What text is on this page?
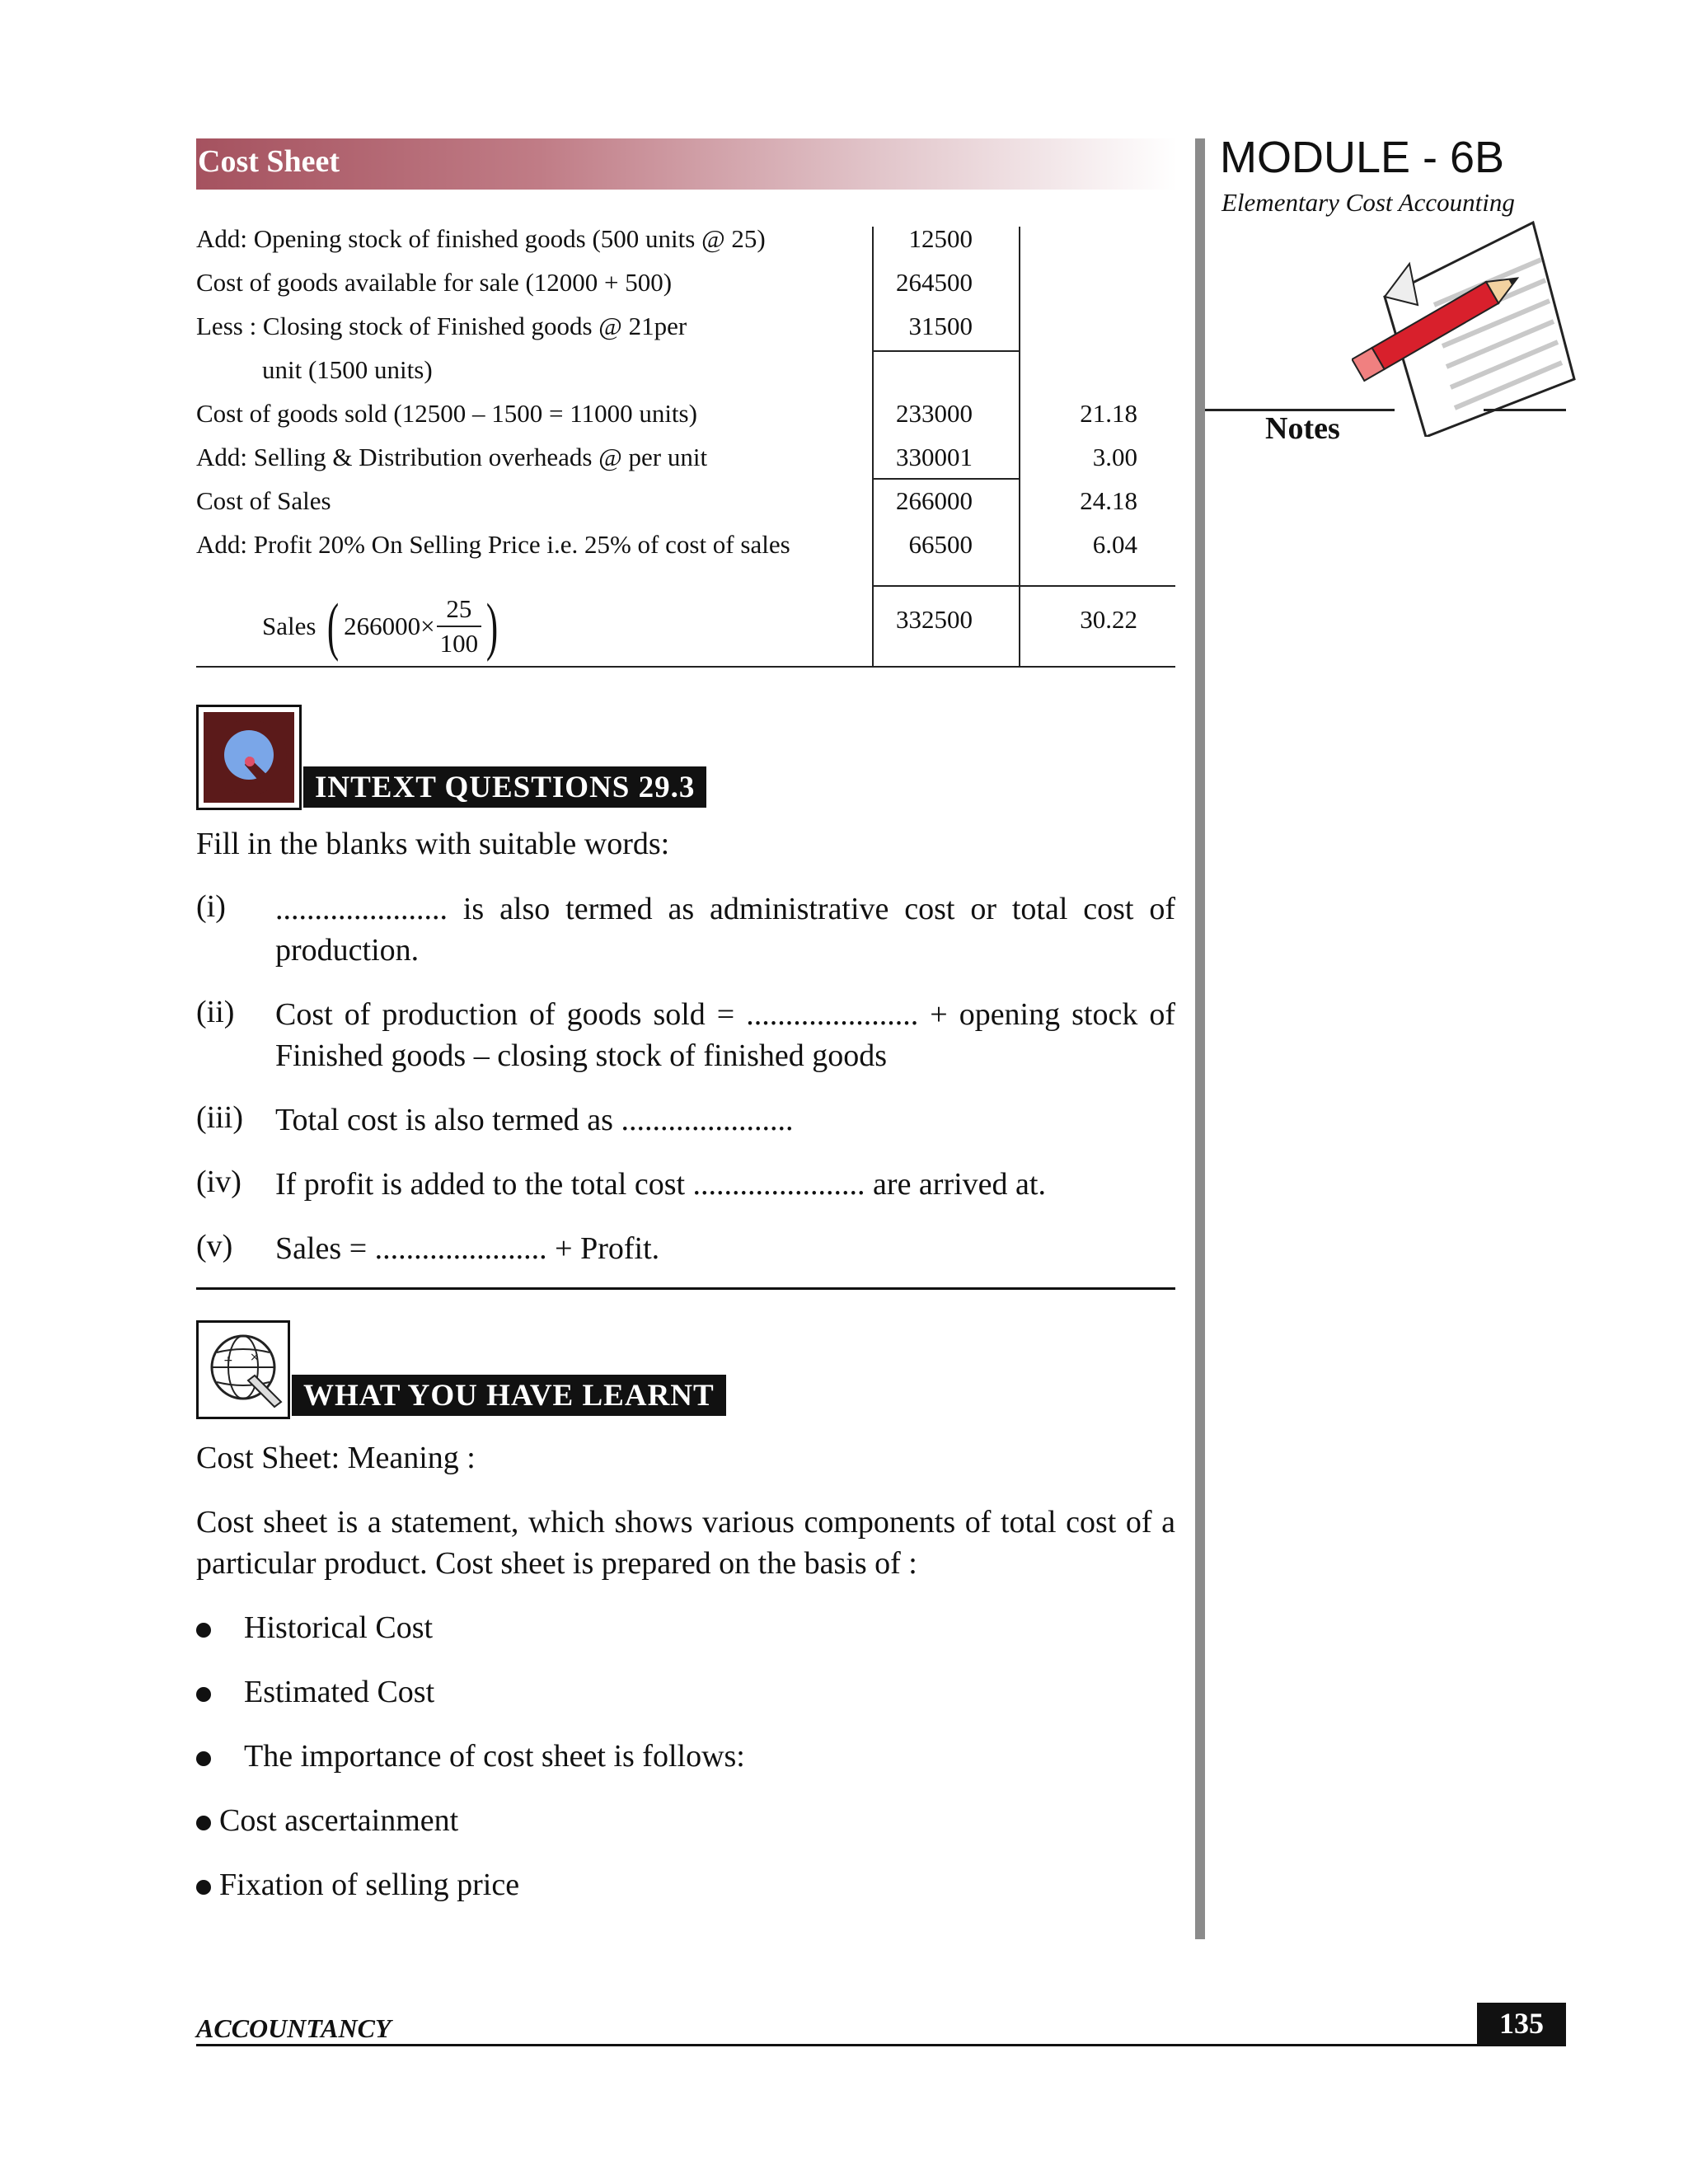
Cost Sheet	MODULE - 6B
Elementary Cost Accounting
Notes
Add: Opening stock of finished goods (500 units @ 25)	12500
Cost of goods available for sale (12000 + 500)	264500
Less : Closing stock of Finished goods @ 21per	31500
unit (1500 units)
Cost of goods sold (12500 – 1500 = 11000 units)	233000	21.18
Add: Selling & Distribution overheads @ per unit	330001	3.00
Cost of Sales	266000	24.18
Add: Profit 20% On Selling Price i.e. 25% of cost of sales	66500	6.04
Sales ( $266000\times \frac{25}{100}$ )	332500	30.22
INTEXT QUESTIONS 29.3
Fill in the blanks with suitable words:
(i) ...................... is also termed as administrative cost or total cost of production.
(ii) Cost of production of goods sold = ...................... + opening stock of Finished goods – closing stock of finished goods
(iii) Total cost is also termed as ......................
(iv) If profit is added to the total cost ...................... are arrived at.
(v) Sales = ...................... + Profit.
+ ×
WHAT YOU HAVE LEARNT
Cost Sheet: Meaning :
Cost sheet is a statement, which shows various components of total cost of a particular product. Cost sheet is prepared on the basis of :
Historical Cost
Estimated Cost
The importance of cost sheet is follows:
Cost ascertainment
Fixation of selling price
ACCOUNTANCY	135
